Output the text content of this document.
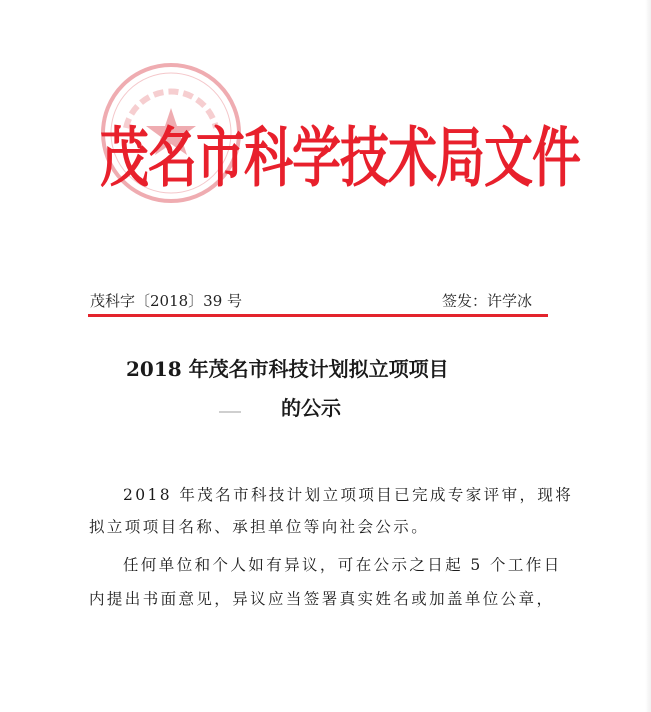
茂名市科学技术局文件
茂科字〔2018〕39 号	签发：许学冰
2018 年茂名市科技计划拟立项项目
的公示
2018 年茂名市科技计划立项项目已完成专家评审，现将
拟立项项目名称、承担单位等向社会公示。
任何单位和个人如有异议，可在公示之日起 5 个工作日
内提出书面意见，异议应当签署真实姓名或加盖单位公章，
